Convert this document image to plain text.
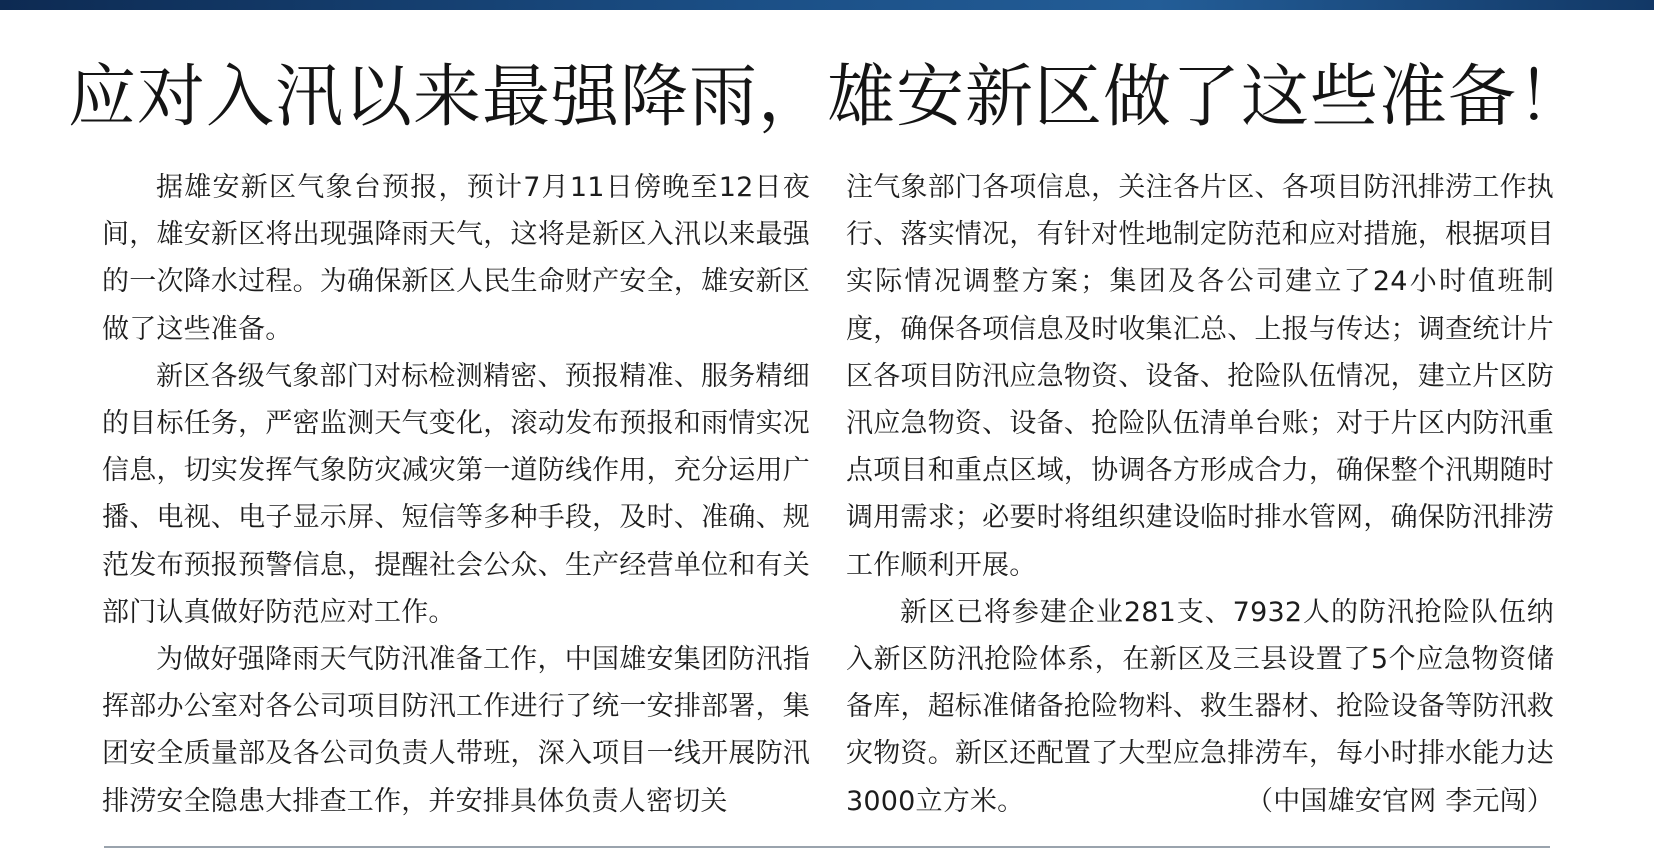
应对入汛以来最强降雨，雄安新区做了这些准备！

据雄安新区气象台预报，预计7月11日傍晚至12日夜间，雄安新区将出现强降雨天气，这将是新区入汛以来最强的一次降水过程。为确保新区人民生命财产安全，雄安新区做了这些准备。

新区各级气象部门对标检测精密、预报精准、服务精细的目标任务，严密监测天气变化，滚动发布预报和雨情实况信息，切实发挥气象防灾减灾第一道防线作用，充分运用广播、电视、电子显示屏、短信等多种手段，及时、准确、规范发布预报预警信息，提醒社会公众、生产经营单位和有关部门认真做好防范应对工作。

为做好强降雨天气防汛准备工作，中国雄安集团防汛指挥部办公室对各公司项目防汛工作进行了统一安排部署，集团安全质量部及各公司负责人带班，深入项目一线开展防汛排涝安全隐患大排查工作，并安排具体负责人密切关

注气象部门各项信息，关注各片区、各项目防汛排涝工作执行、落实情况，有针对性地制定防范和应对措施，根据项目实际情况调整方案；集团及各公司建立了24小时值班制度，确保各项信息及时收集汇总、上报与传达；调查统计片区各项目防汛应急物资、设备、抢险队伍情况，建立片区防汛应急物资、设备、抢险队伍清单台账；对于片区内防汛重点项目和重点区域，协调各方形成合力，确保整个汛期随时调用需求；必要时将组织建设临时排水管网，确保防汛排涝工作顺利开展。

新区已将参建企业281支、7932人的防汛抢险队伍纳入新区防汛抢险体系，在新区及三县设置了5个应急物资储备库，超标准储备抢险物料、救生器材、抢险设备等防汛救灾物资。新区还配置了大型应急排涝车，每小时排水能力达3000立方米。	（中国雄安官网 李元闯）
